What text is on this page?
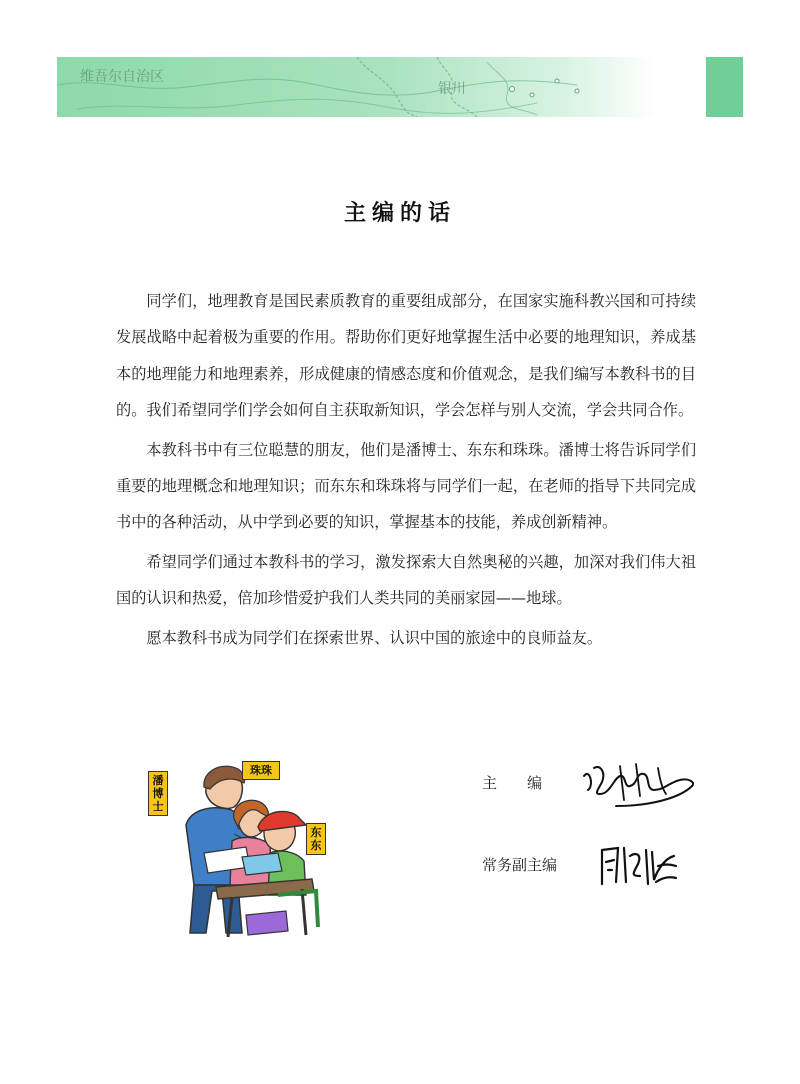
维吾尔自治区
银川
主编的话

同学们，地理教育是国民素质教育的重要组成部分，在国家实施科教兴国和可持续发展战略中起着极为重要的作用。帮助你们更好地掌握生活中必要的地理知识，养成基本的地理能力和地理素养，形成健康的情感态度和价值观念，是我们编写本教科书的目的。我们希望同学们学会如何自主获取新知识，学会怎样与别人交流，学会共同合作。

本教科书中有三位聪慧的朋友，他们是潘博士、东东和珠珠。潘博士将告诉同学们重要的地理概念和地理知识；而东东和珠珠将与同学们一起，在老师的指导下共同完成书中的各种活动，从中学到必要的知识，掌握基本的技能，养成创新精神。

希望同学们通过本教科书的学习，激发探索大自然奥秘的兴趣，加深对我们伟大祖国的认识和热爱，倍加珍惜爱护我们人类共同的美丽家园——地球。

愿本教科书成为同学们在探索世界、认识中国的旅途中的良师益友。

潘博士
珠珠
东东
主　　编
常务副主编
